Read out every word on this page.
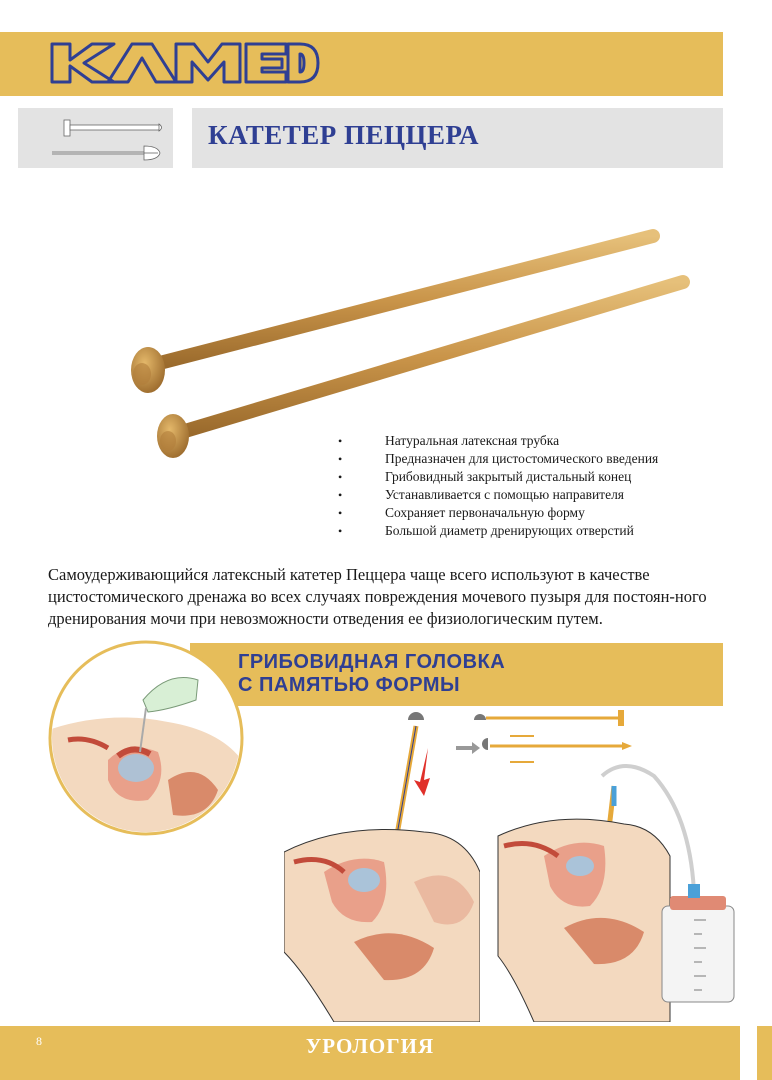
КАТЕТЕР ПЕЦЦЕРА
• Натуральная латексная трубка
• Предназначен для цистостомического введения
• Грибовидный закрытый дистальный конец
• Устанавливается с помощью направителя
• Сохраняет первоначальную форму
• Большой диаметр дренирующих отверстий

Самоудерживающийся латексный катетер Пеццера чаще всего используют в качестве цистостомического дренажа во всех случаях повреждения мочевого пузыря для постоян-ного дренирования мочи при невозможности отведения ее физиологическим путем.

ГРИБОВИДНАЯ ГОЛОВКА
С ПАМЯТЬЮ ФОРМЫ
8	УРОЛОГИЯ
